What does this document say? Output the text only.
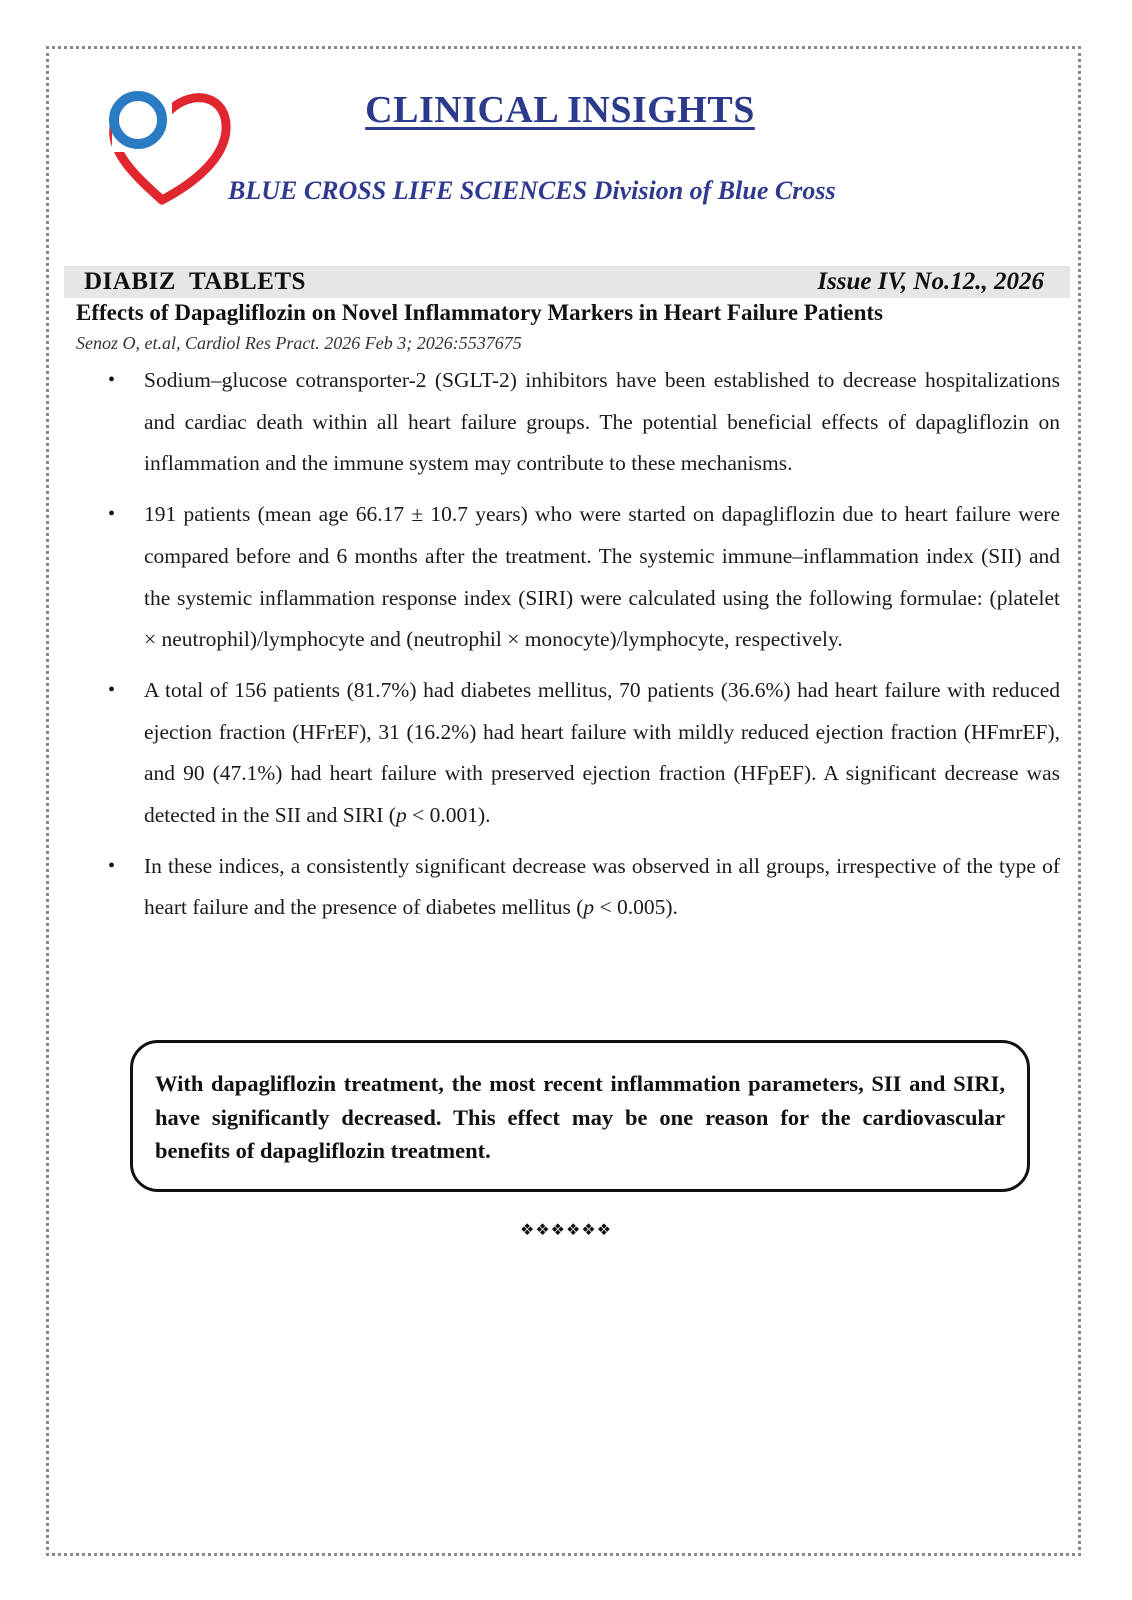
CLINICAL INSIGHTS
BLUE CROSS LIFE SCIENCES Division of Blue Cross
DIABIZ  TABLETS	Issue IV, No.12., 2026
Effects of Dapagliflozin on Novel Inflammatory Markers in Heart Failure Patients
Senoz O, et.al, Cardiol Res Pract. 2026 Feb 3; 2026:5537675
• Sodium–glucose cotransporter-2 (SGLT-2) inhibitors have been established to decrease hospitalizations and cardiac death within all heart failure groups. The potential beneficial effects of dapagliflozin on inflammation and the immune system may contribute to these mechanisms.
• 191 patients (mean age 66.17 ± 10.7 years) who were started on dapagliflozin due to heart failure were compared before and 6 months after the treatment. The systemic immune–inflammation index (SII) and the systemic inflammation response index (SIRI) were calculated using the following formulae: (platelet × neutrophil)/lymphocyte and (neutrophil × monocyte)/lymphocyte, respectively.
• A total of 156 patients (81.7%) had diabetes mellitus, 70 patients (36.6%) had heart failure with reduced ejection fraction (HFrEF), 31 (16.2%) had heart failure with mildly reduced ejection fraction (HFmrEF), and 90 (47.1%) had heart failure with preserved ejection fraction (HFpEF). A significant decrease was detected in the SII and SIRI (p < 0.001).
• In these indices, a consistently significant decrease was observed in all groups, irrespective of the type of heart failure and the presence of diabetes mellitus (p < 0.005).
With dapagliflozin treatment, the most recent inflammation parameters, SII and SIRI, have significantly decreased. This effect may be one reason for the cardiovascular benefits of dapagliflozin treatment.
❖❖❖❖❖❖
